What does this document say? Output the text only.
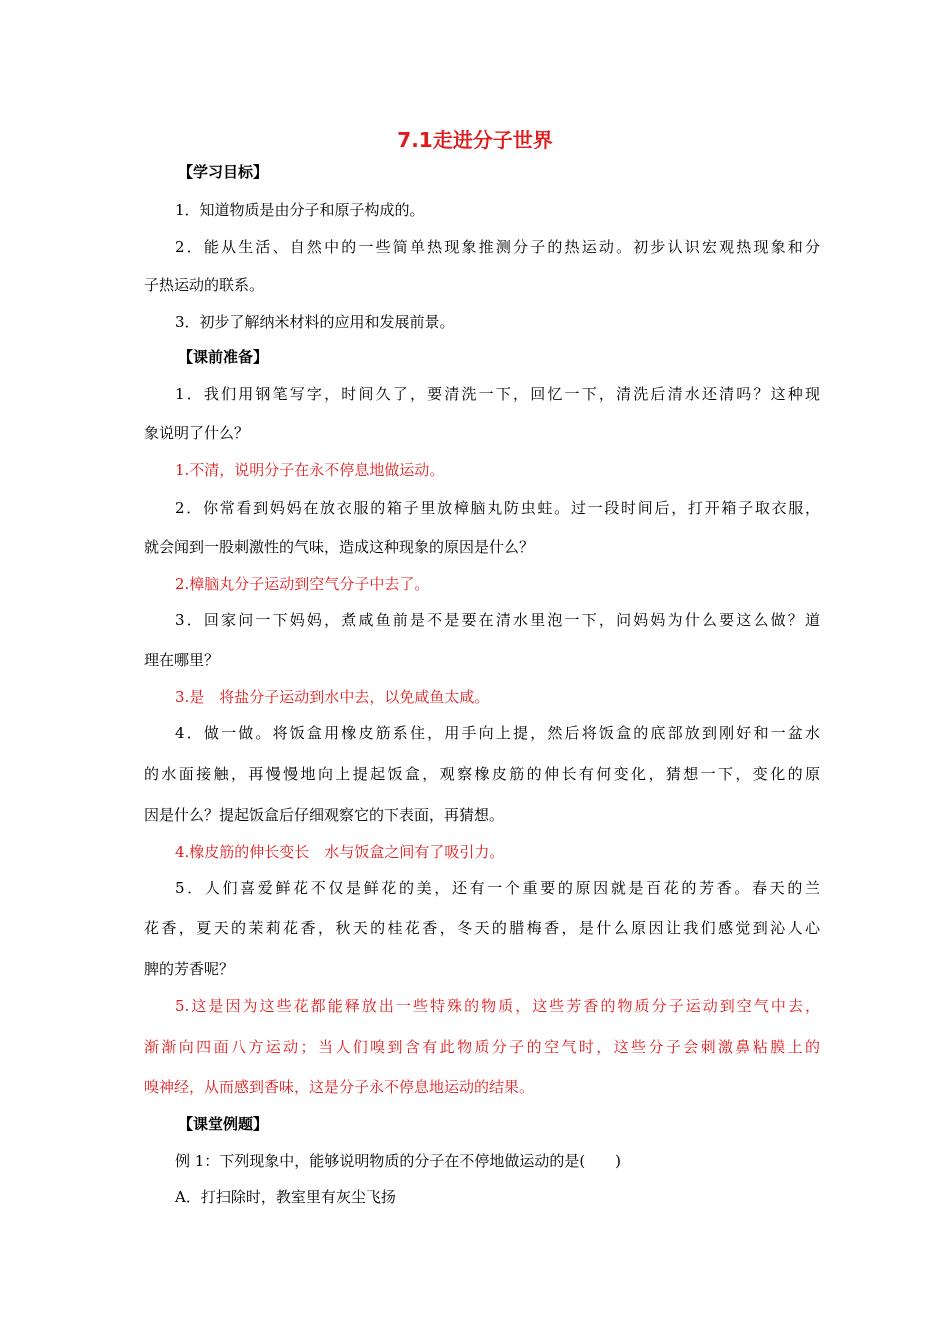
7.1走进分子世界
【学习目标】
1．知道物质是由分子和原子构成的。
2．能从生活、自然中的一些简单热现象推测分子的热运动。初步认识宏观热现象和分
子热运动的联系。
3．初步了解纳米材料的应用和发展前景。
【课前准备】
1．我们用钢笔写字，时间久了，要清洗一下，回忆一下，清洗后清水还清吗？这种现
象说明了什么？
1.不清，说明分子在永不停息地做运动。
2．你常看到妈妈在放衣服的箱子里放樟脑丸防虫蛀。过一段时间后，打开箱子取衣服，
就会闻到一股刺激性的气味，造成这种现象的原因是什么？
2.樟脑丸分子运动到空气分子中去了。
3．回家问一下妈妈，煮咸鱼前是不是要在清水里泡一下，问妈妈为什么要这么做？道
理在哪里？
3.是　将盐分子运动到水中去，以免咸鱼太咸。
4．做一做。将饭盒用橡皮筋系住，用手向上提，然后将饭盒的底部放到刚好和一盆水
的水面接触，再慢慢地向上提起饭盒，观察橡皮筋的伸长有何变化，猜想一下，变化的原
因是什么？提起饭盒后仔细观察它的下表面，再猜想。
4.橡皮筋的伸长变长　水与饭盒之间有了吸引力。
5．人们喜爱鲜花不仅是鲜花的美，还有一个重要的原因就是百花的芳香。春天的兰
花香，夏天的茉莉花香，秋天的桂花香，冬天的腊梅香，是什么原因让我们感觉到沁人心
脾的芳香呢？
5.这是因为这些花都能释放出一些特殊的物质，这些芳香的物质分子运动到空气中去，
渐渐向四面八方运动；当人们嗅到含有此物质分子的空气时，这些分子会刺激鼻粘膜上的
嗅神经，从而感到香味，这是分子永不停息地运动的结果。
【课堂例题】
例 1：下列现象中，能够说明物质的分子在不停地做运动的是(　　)
A．打扫除时，教室里有灰尘飞扬
